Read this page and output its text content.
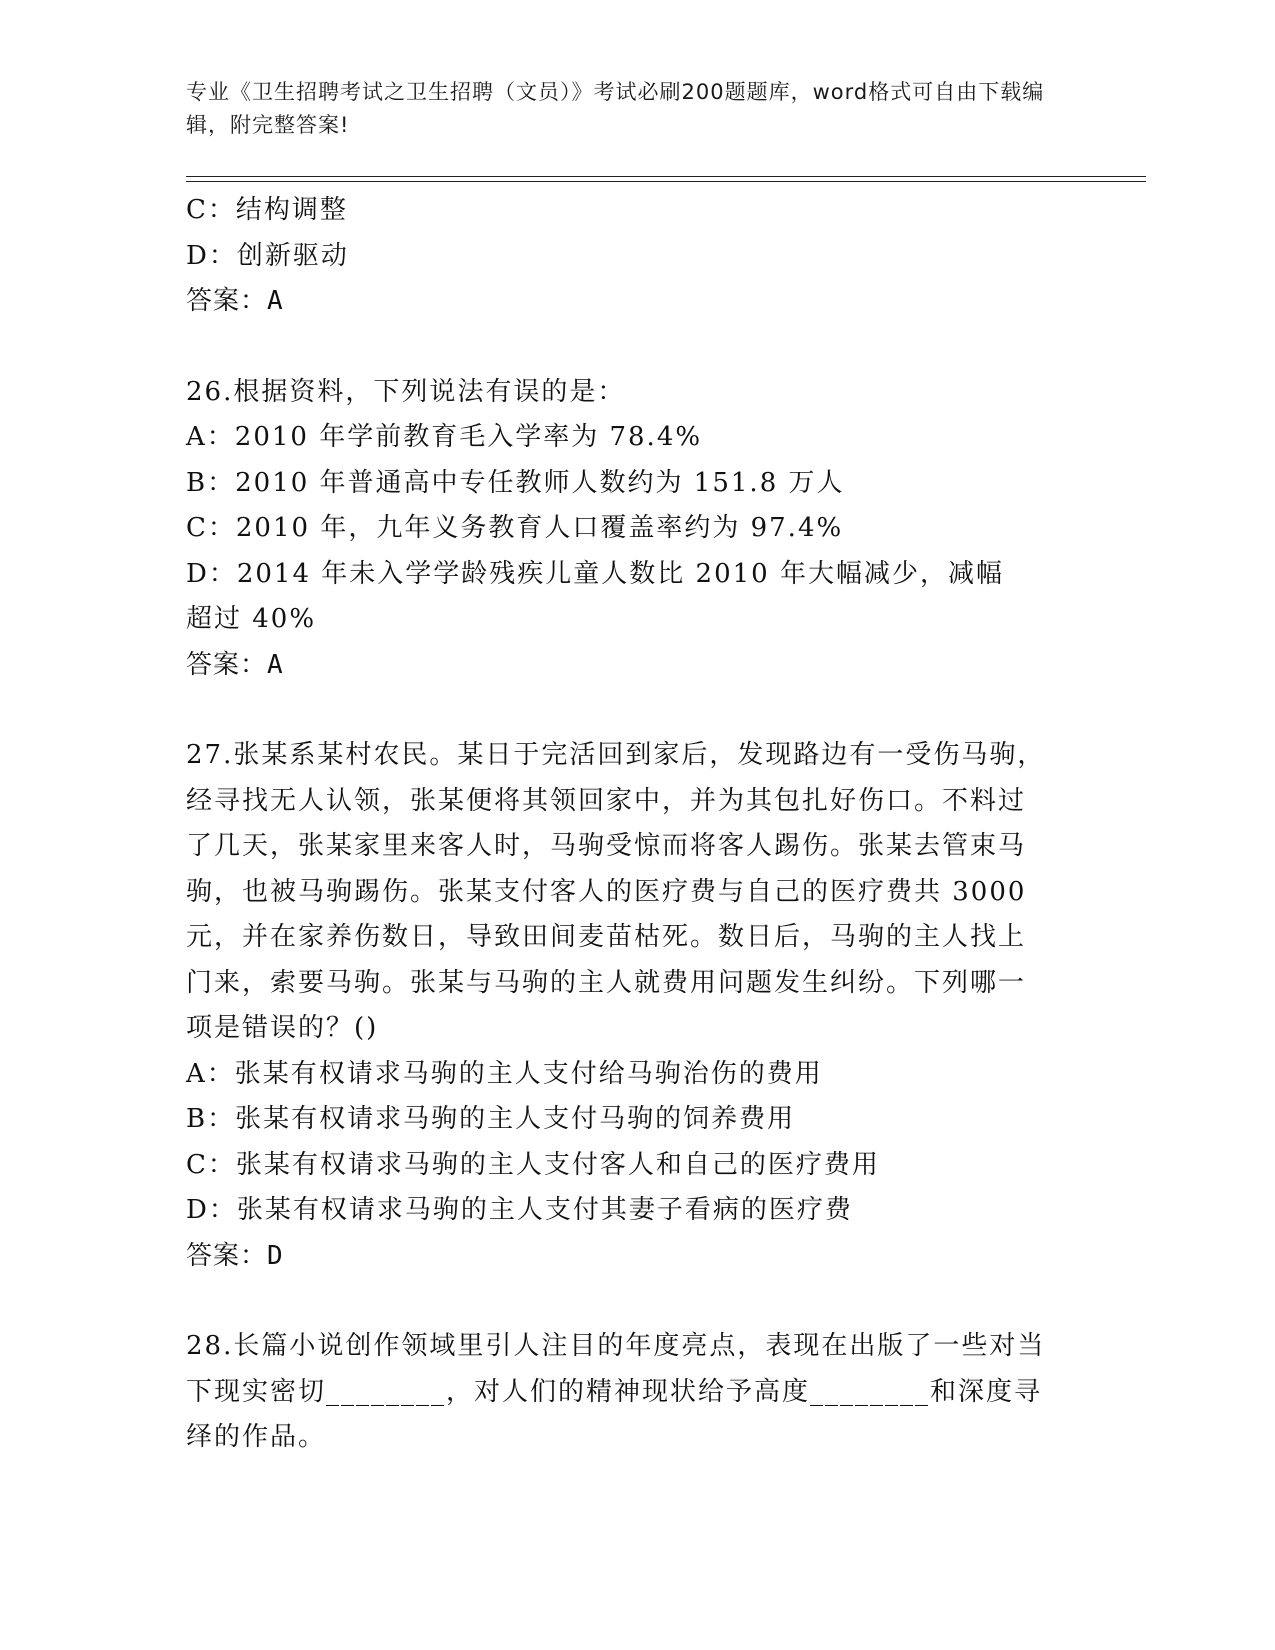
专业《卫生招聘考试之卫生招聘（文员）》考试必刷200题题库，word格式可自由下载编辑，附完整答案!
C：结构调整
D：创新驱动
答案：A
26.根据资料，下列说法有误的是：
A：2010 年学前教育毛入学率为 78.4%
B：2010 年普通高中专任教师人数约为 151.8 万人
C：2010 年，九年义务教育人口覆盖率约为 97.4%
D：2014 年未入学学龄残疾儿童人数比 2010 年大幅减少，减幅超过 40%
答案：A
27.张某系某村农民。某日于完活回到家后，发现路边有一受伤马驹，经寻找无人认领，张某便将其领回家中，并为其包扎好伤口。不料过了几天，张某家里来客人时，马驹受惊而将客人踢伤。张某去管束马驹，也被马驹踢伤。张某支付客人的医疗费与自己的医疗费共 3000 元，并在家养伤数日，导致田间麦苗枯死。数日后，马驹的主人找上门来，索要马驹。张某与马驹的主人就费用问题发生纠纷。下列哪一项是错误的？()
A：张某有权请求马驹的主人支付给马驹治伤的费用
B：张某有权请求马驹的主人支付马驹的饲养费用
C：张某有权请求马驹的主人支付客人和自己的医疗费用
D：张某有权请求马驹的主人支付其妻子看病的医疗费
答案：D
28.长篇小说创作领域里引人注目的年度亮点，表现在出版了一些对当下现实密切________，对人们的精神现状给予高度________和深度寻绎的作品。
